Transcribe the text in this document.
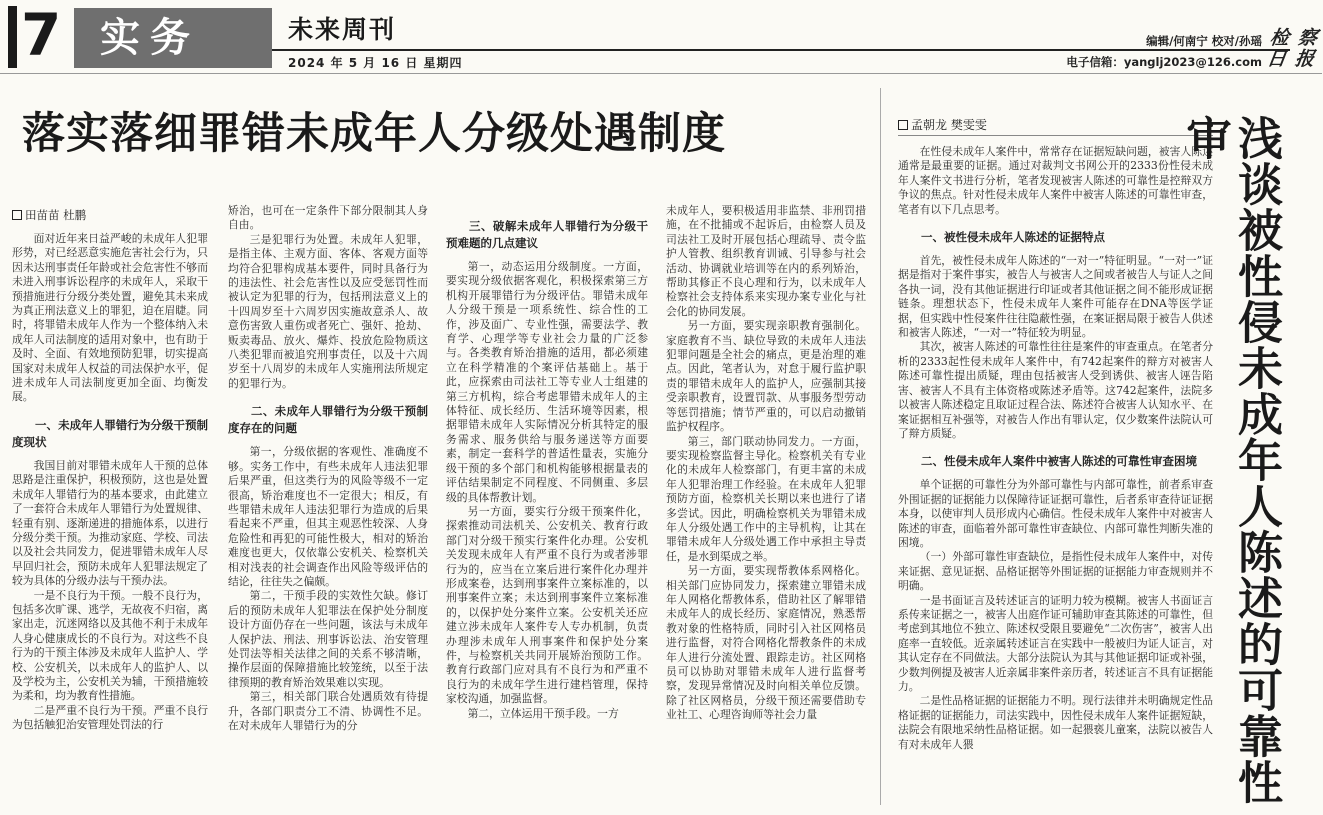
7 实务	未来周刊
2024 年 5 月 16 日 星期四
编辑/何南宁 校对/孙瑶
电子信箱：yanglj2023@126.com
检 察
日 报
落实落细罪错未成年人分级处遇制度
田苗苗 杜鹏

面对近年来日益严峻的未成年人犯罪形势，对已经恶意实施危害社会行为，只因未达刑事责任年龄或社会危害性不够而未进入刑事诉讼程序的未成年人，采取干预措施进行分级分类处置，避免其未来成为真正刑法意义上的罪犯，迫在眉睫。同时，将罪错未成年人作为一个整体纳入未成年人司法制度的适用对象中，也有助于及时、全面、有效地预防犯罪，切实提高国家对未成年人权益的司法保护水平，促进未成年人司法制度更加全面、均衡发展。

一、未成年人罪错行为分级干预制度现状

我国目前对罪错未成年人干预的总体思路是注重保护，积极预防，这也是处置未成年人罪错行为的基本要求，由此建立了一套符合未成年人罪错行为处置规律、轻重有别、逐渐递进的措施体系，以进行分级分类干预。为推动家庭、学校、司法以及社会共同发力，促进罪错未成年人尽早回归社会，预防未成年人犯罪法规定了较为具体的分级办法与干预办法。

一是不良行为干预。一般不良行为，包括多次旷课、逃学，无故夜不归宿，离家出走，沉迷网络以及其他不利于未成年人身心健康成长的不良行为。对这些不良行为的干预主体涉及未成年人监护人、学校、公安机关，以未成年人的监护人、以及学校为主，公安机关为辅，干预措施较为柔和，均为教育性措施。

二是严重不良行为干预。严重不良行为包括触犯治安管理处罚法的行

矫治，也可在一定条件下部分限制其人身自由。

三是犯罪行为处置。未成年人犯罪，是指主体、主观方面、客体、客观方面等均符合犯罪构成基本要件，同时具备行为的违法性、社会危害性以及应受惩罚性而被认定为犯罪的行为，包括刑法意义上的十四周岁至十六周岁因实施故意杀人、故意伤害致人重伤或者死亡、强奸、抢劫、贩卖毒品、放火、爆炸、投放危险物质这八类犯罪而被追究刑事责任，以及十六周岁至十八周岁的未成年人实施刑法所规定的犯罪行为。

二、未成年人罪错行为分级干预制度存在的问题

第一，分级依据的客观性、准确度不够。实务工作中，有些未成年人违法犯罪后果严重，但这类行为的风险等级不一定很高，矫治难度也不一定很大；相反，有些罪错未成年人违法犯罪行为造成的后果看起来不严重，但其主观恶性较深、人身危险性和再犯的可能性极大，相对的矫治难度也更大，仅依靠公安机关、检察机关相对浅表的社会调查作出风险等级评估的结论，往往失之偏颇。

第二，干预手段的实效性欠缺。修订后的预防未成年人犯罪法在保护处分制度设计方面仍存在一些问题，该法与未成年人保护法、刑法、刑事诉讼法、治安管理处罚法等相关法律之间的关系不够清晰，操作层面的保障措施比较笼统，以至于法律预期的教育矫治效果难以实现。

第三，相关部门联合处遇质效有待提升，各部门职责分工不清、协调性不足。在对未成年人罪错行为的分

三、破解未成年人罪错行为分级干预难题的几点建议

第一，动态运用分级制度。一方面，要实现分级依据客观化，积极探索第三方机构开展罪错行为分级评估。罪错未成年人分级干预是一项系统性、综合性的工作，涉及面广、专业性强，需要法学、教育学、心理学等专业社会力量的广泛参与。各类教育矫治措施的适用，都必须建立在科学精准的个案评估基础上。基于此，应探索由司法社工等专业人士组建的第三方机构，综合考虑罪错未成年人的主体特征、成长经历、生活环境等因素，根据罪错未成年人实际情况分析其特定的服务需求、服务供给与服务递送等方面要素，制定一套科学的普适性量表，实施分级干预的多个部门和机构能够根据量表的评估结果制定不同程度、不同侧重、多层级的具体帮教计划。

另一方面，要实行分级干预案件化，探索推动司法机关、公安机关、教育行政部门对分级干预实行案件化办理。公安机关发现未成年人有严重不良行为或者涉罪行为的，应当在立案后进行案件化办理并形成案卷，达到刑事案件立案标准的，以刑事案件立案；未达到刑事案件立案标准的，以保护处分案件立案。公安机关还应建立涉未成年人案件专人专办机制，负责办理涉未成年人刑事案件和保护处分案件，与检察机关共同开展矫治预防工作。教育行政部门应对具有不良行为和严重不良行为的未成年学生进行建档管理，保持家校沟通，加强监督。

第二，立体运用干预手段。一方

未成年人，要积极适用非监禁、非刑罚措施，在不批捕或不起诉后，由检察人员及司法社工及时开展包括心理疏导、责令监护人管教、组织教育训诫、引导参与社会活动、协调就业培训等在内的系列矫治，帮助其修正不良心理和行为，以未成年人检察社会支持体系来实现办案专业化与社会化的协同发展。

另一方面，要实现亲职教育强制化。家庭教育不当、缺位导致的未成年人违法犯罪问题是全社会的痛点，更是治理的难点。因此，笔者认为，对怠于履行监护职责的罪错未成年人的监护人，应强制其接受亲职教育，设置罚款、从事服务型劳动等惩罚措施；情节严重的，可以启动撤销监护权程序。

第三，部门联动协同发力。一方面，要实现检察监督主导化。检察机关有专业化的未成年人检察部门，有更丰富的未成年人犯罪治理工作经验。在未成年人犯罪预防方面，检察机关长期以来也进行了诸多尝试。因此，明确检察机关为罪错未成年人分级处遇工作中的主导机构，让其在罪错未成年人分级处遇工作中承担主导责任，是水到渠成之举。

另一方面，要实现帮教体系网格化。相关部门应协同发力，探索建立罪错未成年人网格化帮教体系，借助社区了解罪错未成年人的成长经历、家庭情况，熟悉帮教对象的性格特质，同时引入社区网格员进行监督，对符合网格化帮教条件的未成年人进行分流处置、跟踪走访。社区网格员可以协助对罪错未成年人进行监督考察，发现异常情况及时向相关单位反馈。除了社区网格员，分级干预还需要借助专业社工、心理咨询师等社会力量

孟朝龙 樊雯雯

在性侵未成年人案件中，常常存在证据短缺问题，被害人陈述通常是最重要的证据。通过对裁判文书网公开的2333份性侵未成年人案件文书进行分析，笔者发现被害人陈述的可靠性是控辩双方争议的焦点。针对性侵未成年人案件中被害人陈述的可靠性审查，笔者有以下几点思考。

一、被性侵未成年人陈述的证据特点

首先，被性侵未成年人陈述的“一对一”特征明显。“一对一”证据是指对于案件事实，被告人与被害人之间或者被告人与证人之间各执一词，没有其他证据进行印证或者其他证据之间不能形成证据链条。理想状态下，性侵未成年人案件可能存在DNA等医学证据，但实践中性侵案件往往隐蔽性强，在案证据局限于被告人供述和被害人陈述，“一对一”特征较为明显。

其次，被害人陈述的可靠性往往是案件的审查重点。在笔者分析的2333起性侵未成年人案件中，有742起案件的辩方对被害人陈述可靠性提出质疑，理由包括被害人受到诱供、被害人诬告陷害、被害人不具有主体资格或陈述矛盾等。这742起案件，法院多以被害人陈述稳定且取证过程合法、陈述符合被害人认知水平、在案证据相互补强等，对被告人作出有罪认定，仅少数案件法院认可了辩方质疑。

二、性侵未成年人案件中被害人陈述的可靠性审查困境

单个证据的可靠性分为外部可靠性与内部可靠性，前者系审查外围证据的证据能力以保障待证证据可靠性，后者系审查待证证据本身，以使审判人员形成内心确信。性侵未成年人案件中对被害人陈述的审查，面临着外部可靠性审查缺位、内部可靠性判断失准的困境。

（一）外部可靠性审查缺位，是指性侵未成年人案件中，对传来证据、意见证据、品格证据等外围证据的证据能力审查规则并不明确。

一是书面证言及转述证言的证明力较为模糊。被害人书面证言系传来证据之一，被害人出庭作证可辅助审查其陈述的可靠性，但考虑到其地位不独立、陈述权受限且要避免“二次伤害”，被害人出庭率一直较低。近亲属转述证言在实践中一般被归为证人证言，对其认定存在不同做法。大部分法院认为其与其他证据印证或补强，少数判例提及被害人近亲属非案件亲历者，转述证言不具有证据能力。

二是性品格证据的证据能力不明。现行法律并未明确规定性品格证据的证据能力，司法实践中，因性侵未成年人案件证据短缺，法院会有限地采纳性品格证据。如一起猥亵儿童案，法院以被告人有对未成年人猥	浅谈被性侵未成年人陈述的可靠性审
